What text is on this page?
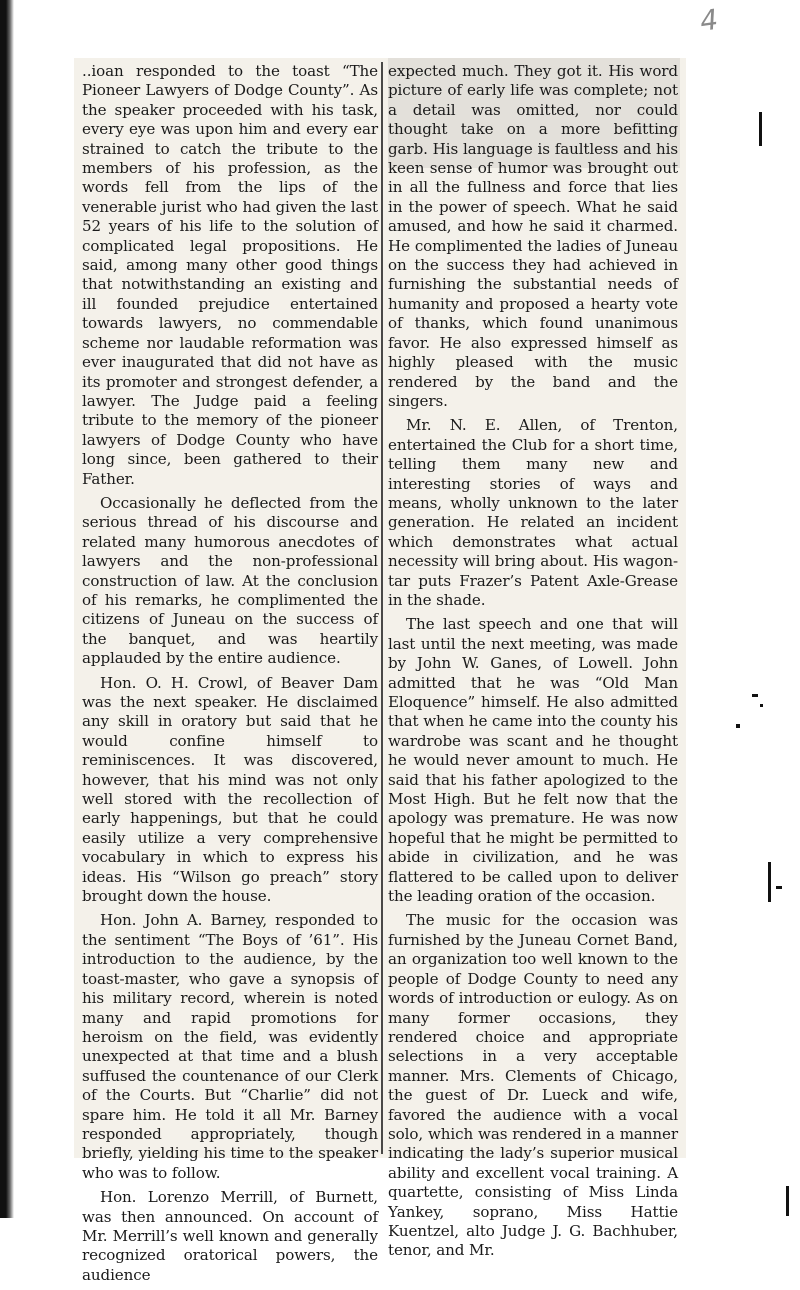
4

..ioan responded to the toast “The Pioneer Lawyers of Dodge County”. As the speaker proceeded with his task, every eye was upon him and every ear strained to catch the tribute to the members of his profession, as the words fell from the lips of the venerable jurist who had given the last 52 years of his life to the solution of complicated legal propositions. He said, among many other good things that notwithstanding an existing and ill founded prejudice entertained towards lawyers, no commendable scheme nor laudable reformation was ever inaugurated that did not have as its promoter and strongest defender, a lawyer. The Judge paid a feeling tribute to the memory of the pioneer lawyers of Dodge County who have long since, been gathered to their Father.

Occasionally he deflected from the serious thread of his discourse and related many humorous anecdotes of lawyers and the non-professional construction of law. At the conclusion of his remarks, he complimented the citizens of Juneau on the success of the banquet, and was heartily applauded by the entire audience.

Hon. O. H. Crowl, of Beaver Dam was the next speaker. He disclaimed any skill in oratory but said that he would confine himself to reminiscences. It was discovered, however, that his mind was not only well stored with the recollection of early happenings, but that he could easily utilize a very comprehensive vocabulary in which to express his ideas. His “Wilson go preach” story brought down the house.

Hon. John A. Barney, responded to the sentiment “The Boys of ’61”. His introduction to the audience, by the toast-master, who gave a synopsis of his military record, wherein is noted many and rapid promotions for heroism on the field, was evidently unexpected at that time and a blush suffused the countenance of our Clerk of the Courts. But “Charlie” did not spare him. He told it all Mr. Barney responded appropriately, though briefly, yielding his time to the speaker who was to follow.

Hon. Lorenzo Merrill, of Burnett, was then announced. On account of Mr. Merrill’s well known and generally recognized oratorical powers, the audience

expected much. They got it. His word picture of early life was complete; not a detail was omitted, nor could thought take on a more befitting garb. His language is faultless and his keen sense of humor was brought out in all the fullness and force that lies in the power of speech. What he said amused, and how he said it charmed. He complimented the ladies of Juneau on the success they had achieved in furnishing the substantial needs of humanity and proposed a hearty vote of thanks, which found unanimous favor. He also expressed himself as highly pleased with the music rendered by the band and the singers.

Mr. N. E. Allen, of Trenton, entertained the Club for a short time, telling them many new and interesting stories of ways and means, wholly unknown to the later generation. He related an incident which demonstrates what actual necessity will bring about. His wagon-tar puts Frazer’s Patent Axle-Grease in the shade.

The last speech and one that will last until the next meeting, was made by John W. Ganes, of Lowell. John admitted that he was “Old Man Eloquence” himself. He also admitted that when he came into the county his wardrobe was scant and he thought he would never amount to much. He said that his father apologized to the Most High. But he felt now that the apology was premature. He was now hopeful that he might be permitted to abide in civilization, and he was flattered to be called upon to deliver the leading oration of the occasion.

The music for the occasion was furnished by the Juneau Cornet Band, an organization too well known to the people of Dodge County to need any words of introduction or eulogy. As on many former occasions, they rendered choice and appropriate selections in a very acceptable manner. Mrs. Clements of Chicago, the guest of Dr. Lueck and wife, favored the audience with a vocal solo, which was rendered in a manner indicating the lady’s superior musical ability and excellent vocal training. A quartette, consisting of Miss Linda Yankey, soprano, Miss Hattie Kuentzel, alto Judge J. G. Bachhuber, tenor, and Mr.
